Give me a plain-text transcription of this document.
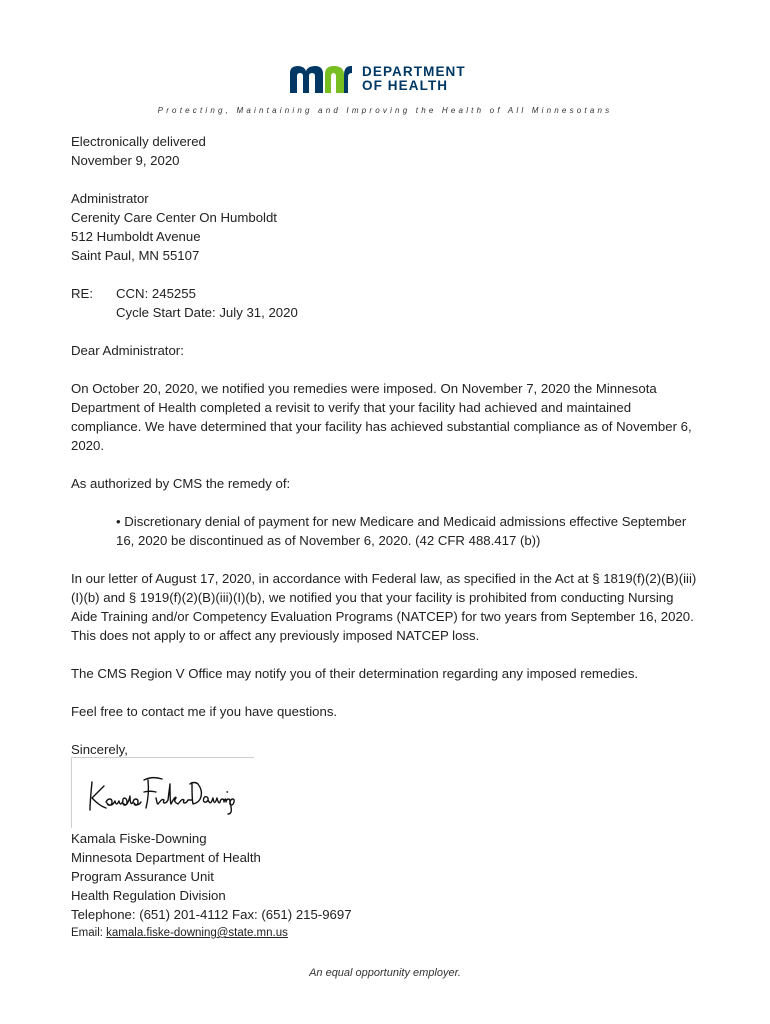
DEPARTMENT
OF HEALTH
Protecting, Maintaining and Improving the Health of All Minnesotans

Electronically delivered

November 9, 2020

Administrator

Cerenity Care Center On Humboldt

512 Humboldt Avenue

Saint Paul, MN 55107

RE:	CCN: 245255

Cycle Start Date: July 31, 2020

Dear Administrator:

On October 20, 2020, we notified you remedies were imposed. On November 7, 2020 the Minnesota Department of Health completed a revisit to verify that your facility had achieved and maintained compliance. We have determined that your facility has achieved substantial compliance as of November 6, 2020.

As authorized by CMS the remedy of:

• Discretionary denial of payment for new Medicare and Medicaid admissions effective September 16, 2020 be discontinued as of November 6, 2020. (42 CFR 488.417 (b))

In our letter of August 17, 2020, in accordance with Federal law, as specified in the Act at § 1819(f)(2)(B)(iii)(I)(b) and § 1919(f)(2)(B)(iii)(I)(b), we notified you that your facility is prohibited from conducting Nursing Aide Training and/or Competency Evaluation Programs (NATCEP) for two years from September 16, 2020. This does not apply to or affect any previously imposed NATCEP loss.

The CMS Region V Office may notify you of their determination regarding any imposed remedies.

Feel free to contact me if you have questions.

Sincerely,

Kamala Fiske-Downing

Minnesota Department of Health

Program Assurance Unit

Health Regulation Division

Telephone: (651) 201-4112 Fax: (651) 215-9697

Email: kamala.fiske-downing@state.mn.us

An equal opportunity employer.
